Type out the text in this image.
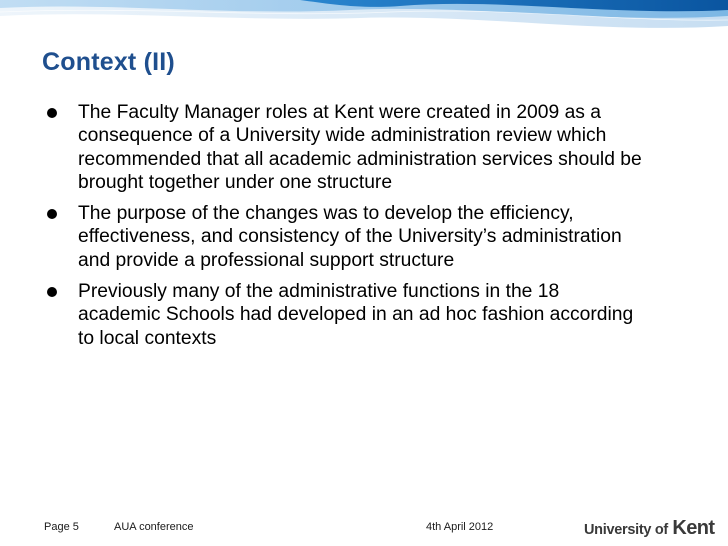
Context (II)
The Faculty Manager roles at Kent were created in 2009 as a consequence of a University wide administration review which recommended that all academic administration services should be brought together under one structure
The purpose of the changes was to develop the efficiency, effectiveness, and consistency of the University’s administration and provide a professional support structure
Previously many of the administrative functions in the 18 academic Schools had developed in an ad hoc fashion according to local contexts
Page 5	AUA conference	4th April 2012	University of Kent
